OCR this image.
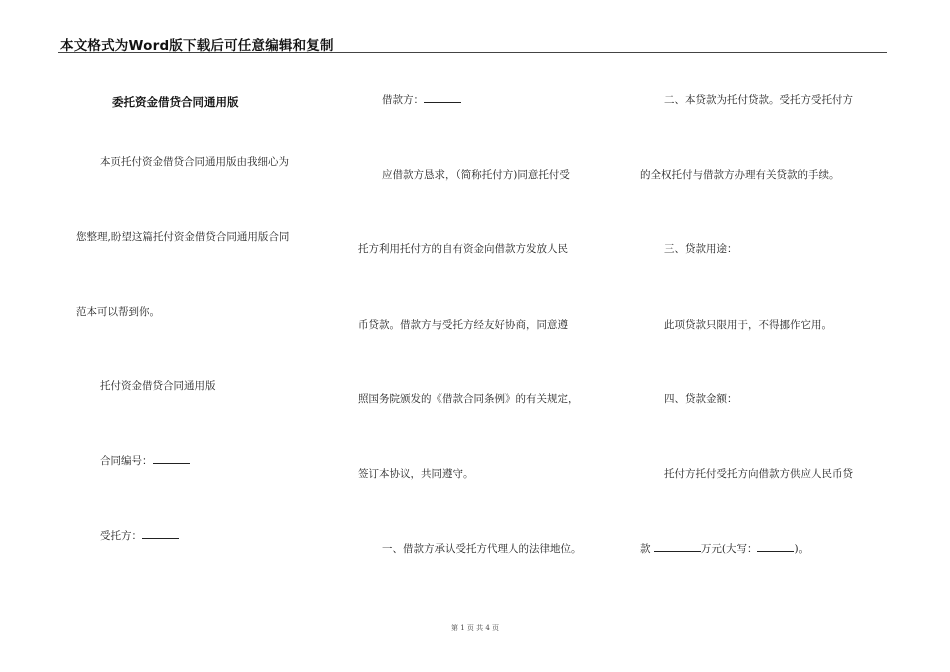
本文格式为Word版下载后可任意编辑和复制
委托资金借贷合同通用版
本页托付资金借贷合同通用版由我细心为
您整理,盼望这篇托付资金借贷合同通用版合同
范本可以帮到你。
托付资金借贷合同通用版
合同编号：
受托方：
借款方：
应借款方恳求，（简称托付方)同意托付受
托方利用托付方的自有资金向借款方发放人民
币贷款。借款方与受托方经友好协商，同意遵
照国务院颁发的《借款合同条例》的有关规定，
签订本协议，共同遵守。
一、借款方承认受托方代理人的法律地位。
二、本贷款为托付贷款。受托方受托付方
的全权托付与借款方办理有关贷款的手续。
三、贷款用途：
此项贷款只限用于，不得挪作它用。
四、贷款金额：
托付方托付受托方向借款方供应人民币贷
款	万元(大写：	)。
第 1 页 共 4 页
